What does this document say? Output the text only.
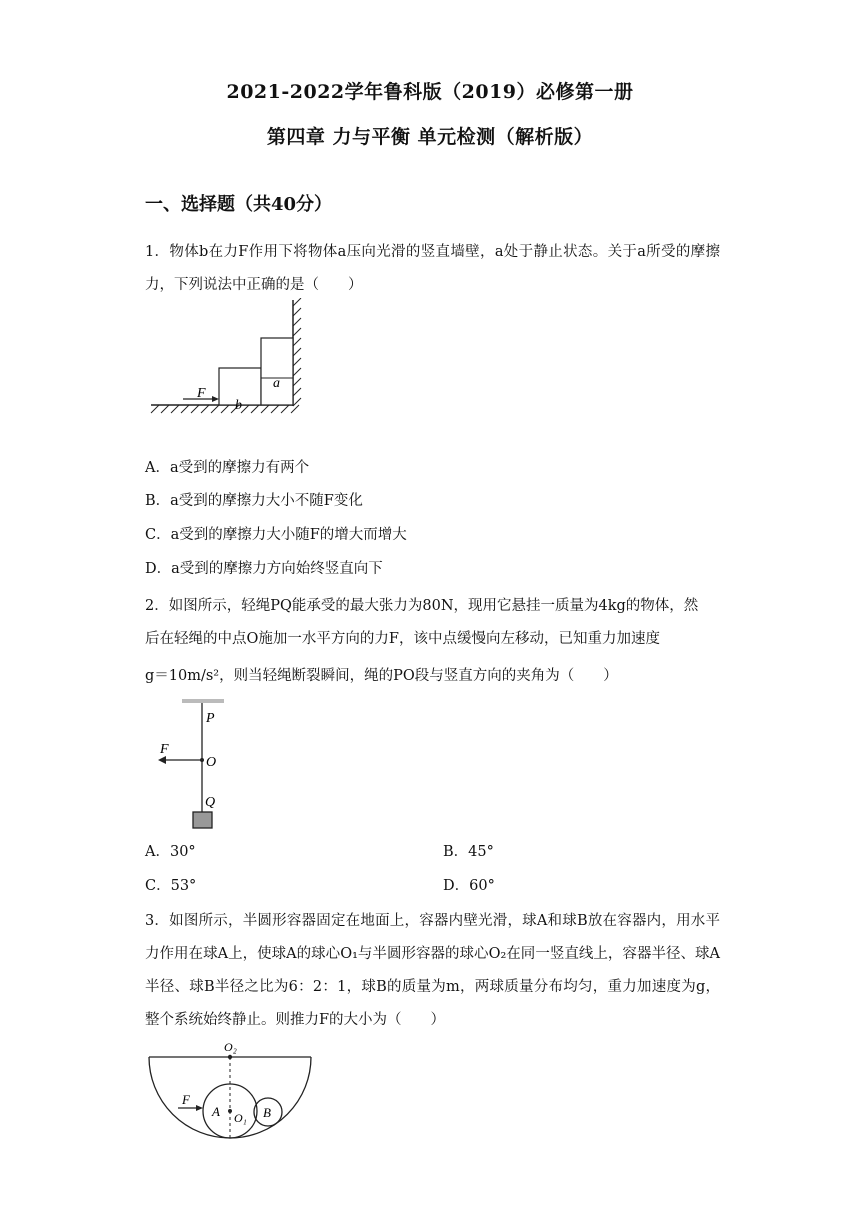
2021-2022学年鲁科版（2019）必修第一册
第四章 力与平衡 单元检测（解析版）
一、选择题（共40分）
1．物体b在力F作用下将物体a压向光滑的竖直墙壁，a处于静止状态。关于a所受的摩擦力，下列说法中正确的是（　　）
F
b
a
A．a受到的摩擦力有两个
B．a受到的摩擦力大小不随F变化
C．a受到的摩擦力大小随F的增大而增大
D．a受到的摩擦力方向始终竖直向下
2．如图所示，轻绳PQ能承受的最大张力为80N，现用它悬挂一质量为4kg的物体，然
后在轻绳的中点O施加一水平方向的力F，该中点缓慢向左移动，已知重力加速度
g＝10m/s²，则当轻绳断裂瞬间，绳的PO段与竖直方向的夹角为（　　）
P
O
Q
F
A．30°	B．45°
C．53°	D．60°
3．如图所示，半圆形容器固定在地面上，容器内壁光滑，球A和球B放在容器内，用水平力作用在球A上，使球A的球心O₁与半圆形容器的球心O₂在同一竖直线上，容器半径、球A半径、球B半径之比为6：2：1，球B的质量为m，两球质量分布均匀，重力加速度为g，整个系统始终静止。则推力F的大小为（　　）
O₂
O₁
A	B
F
